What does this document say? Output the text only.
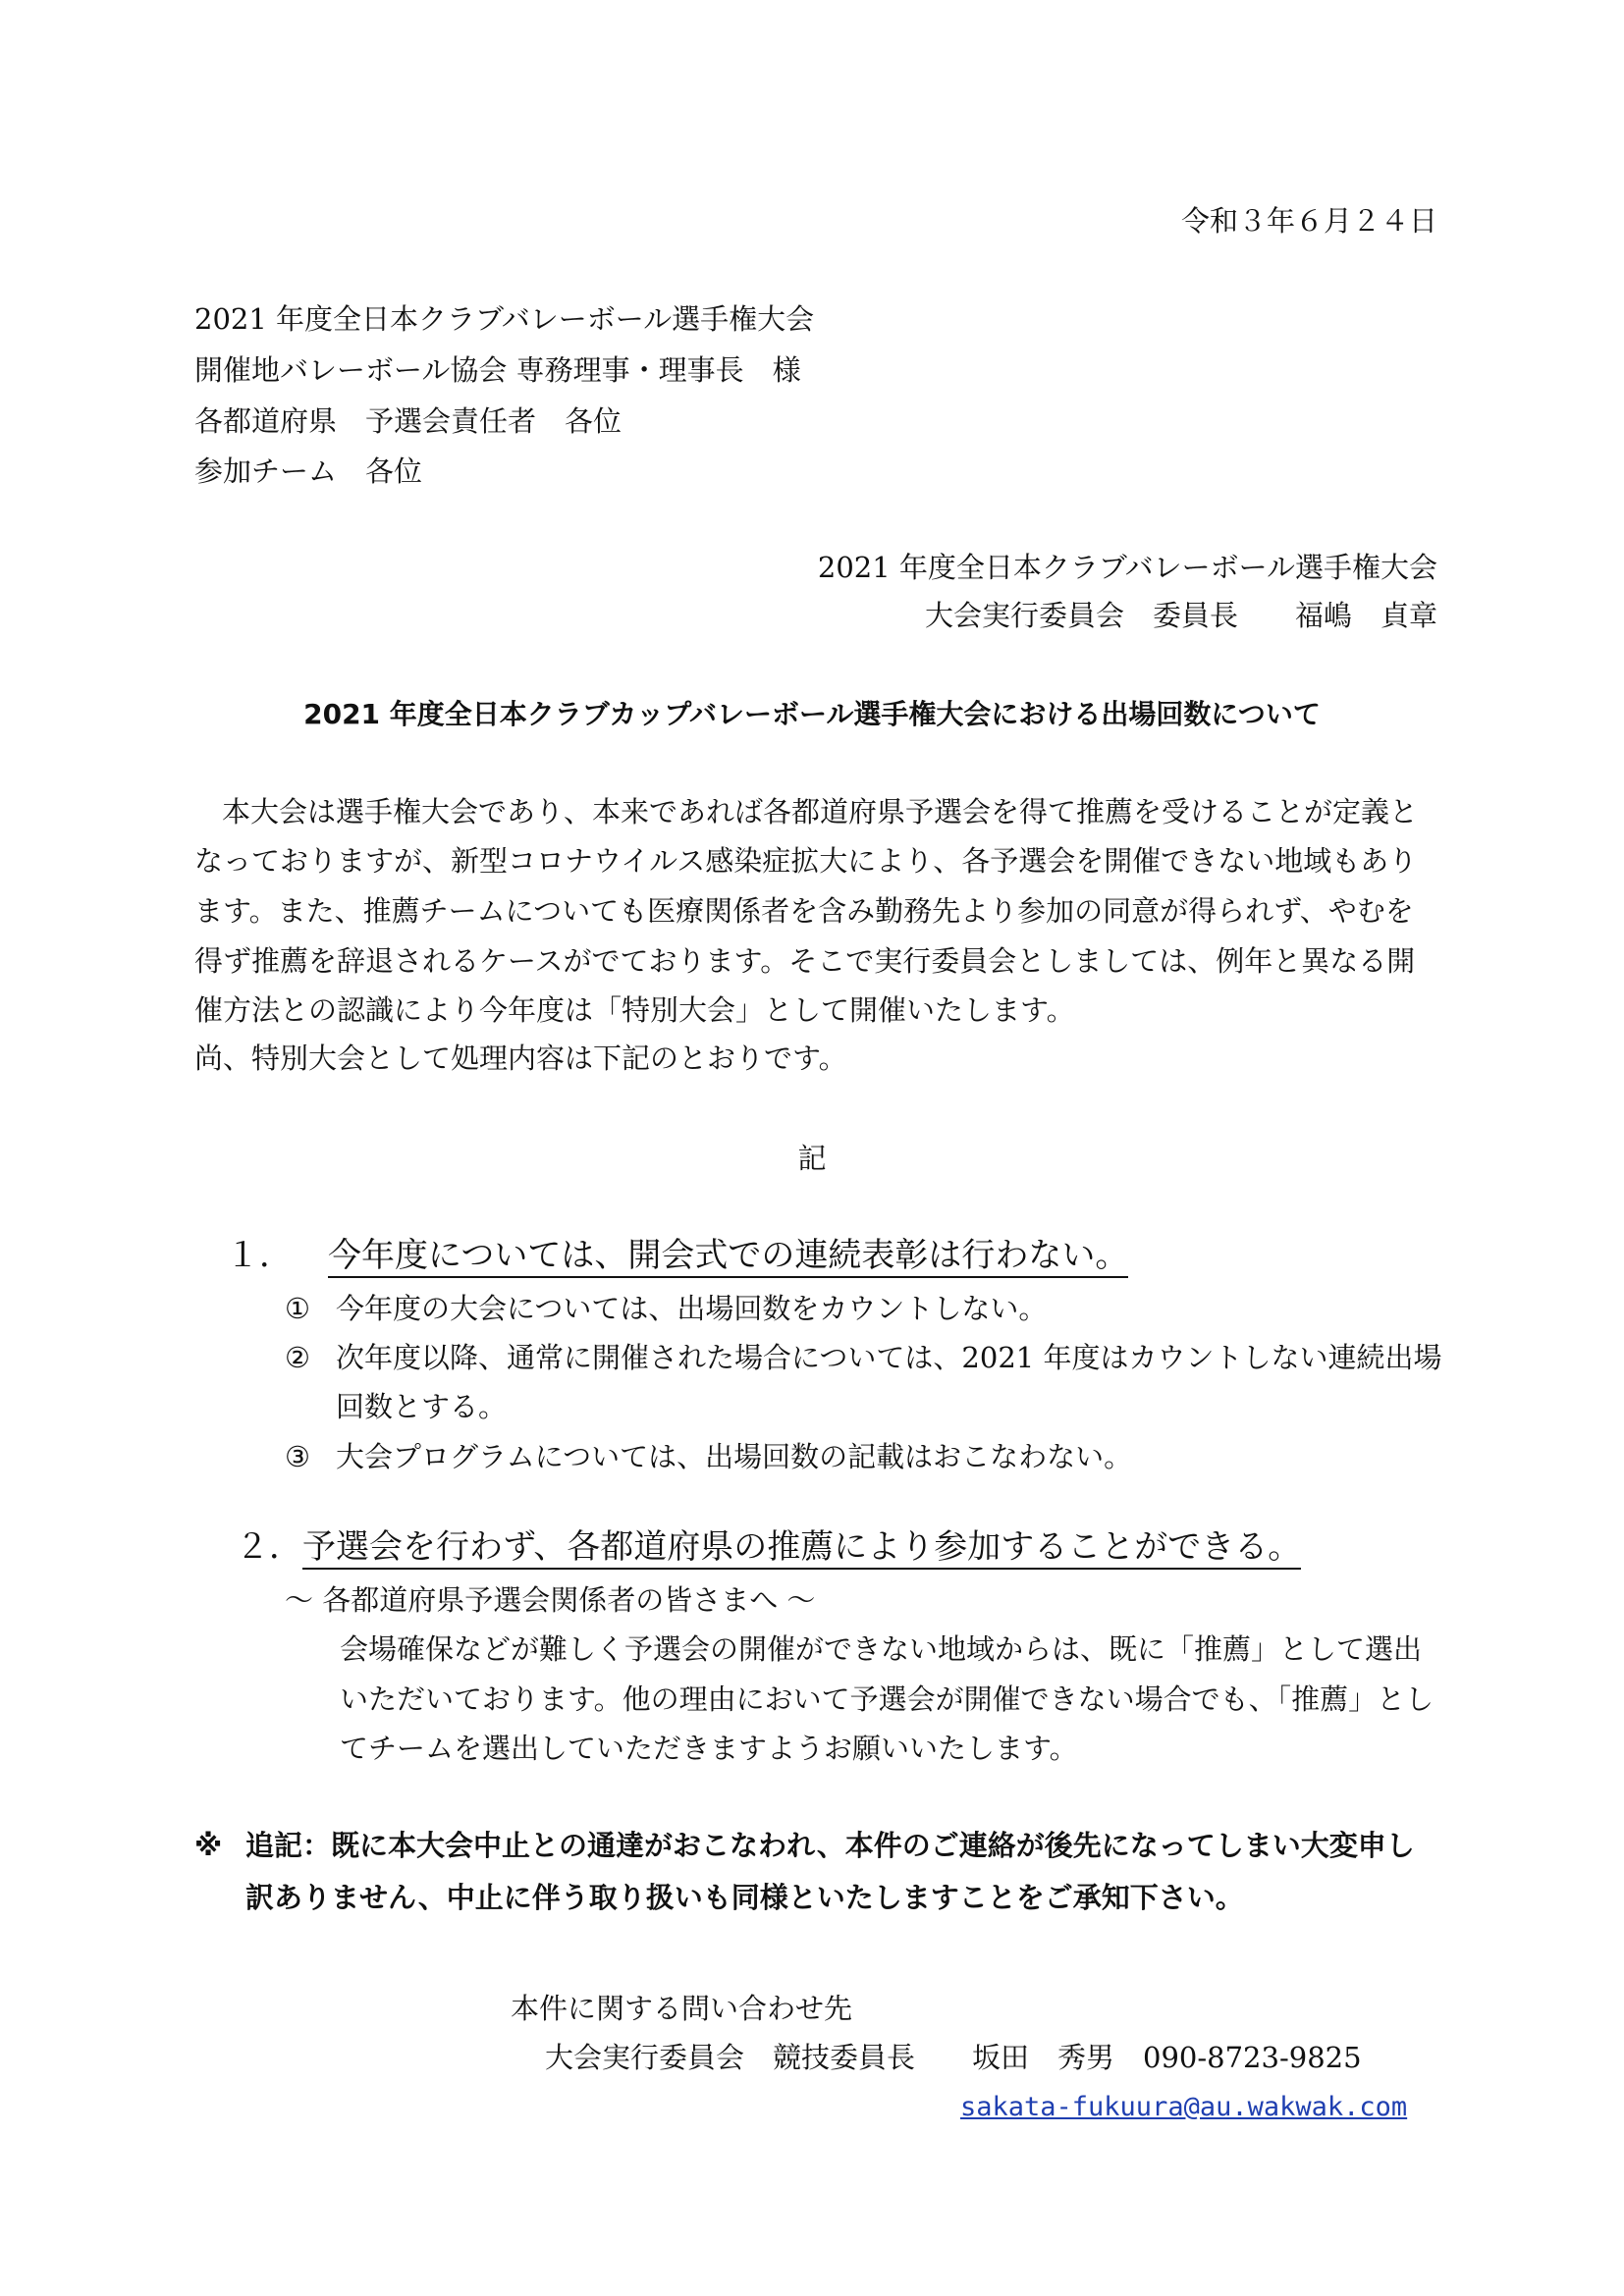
令和３年６月２４日
2021 年度全日本クラブバレーボール選手権大会
開催地バレーボール協会 専務理事・理事長　様
各都道府県　予選会責任者　各位
参加チーム　各位
2021 年度全日本クラブバレーボール選手権大会
大会実行委員会　委員長　　福嶋　貞章
2021 年度全日本クラブカップバレーボール選手権大会における出場回数について
本大会は選手権大会であり、本来であれば各都道府県予選会を得て推薦を受けることが定義と
なっておりますが、新型コロナウイルス感染症拡大により、各予選会を開催できない地域もあり
ます。また、推薦チームについても医療関係者を含み勤務先より参加の同意が得られず、やむを
得ず推薦を辞退されるケースがでております。そこで実行委員会としましては、例年と異なる開
催方法との認識により今年度は「特別大会」として開催いたします。
尚、特別大会として処理内容は下記のとおりです。
記
１． 今年度については、開会式での連続表彰は行わない。
① 今年度の大会については、出場回数をカウントしない。
② 次年度以降、通常に開催された場合については、2021 年度はカウントしない連続出場
回数とする。
③ 大会プログラムについては、出場回数の記載はおこなわない。
２．予選会を行わず、各都道府県の推薦により参加することができる。
～ 各都道府県予選会関係者の皆さまへ ～
会場確保などが難しく予選会の開催ができない地域からは、既に「推薦」として選出
いただいております。他の理由において予選会が開催できない場合でも、「推薦」とし
てチームを選出していただきますようお願いいたします。
※ 追記：既に本大会中止との通達がおこなわれ、本件のご連絡が後先になってしまい大変申し
訳ありません、中止に伴う取り扱いも同様といたしますことをご承知下さい。
本件に関する問い合わせ先
大会実行委員会　競技委員長　　坂田　秀男　090-8723-9825
sakata-fukuura@au.wakwak.com
